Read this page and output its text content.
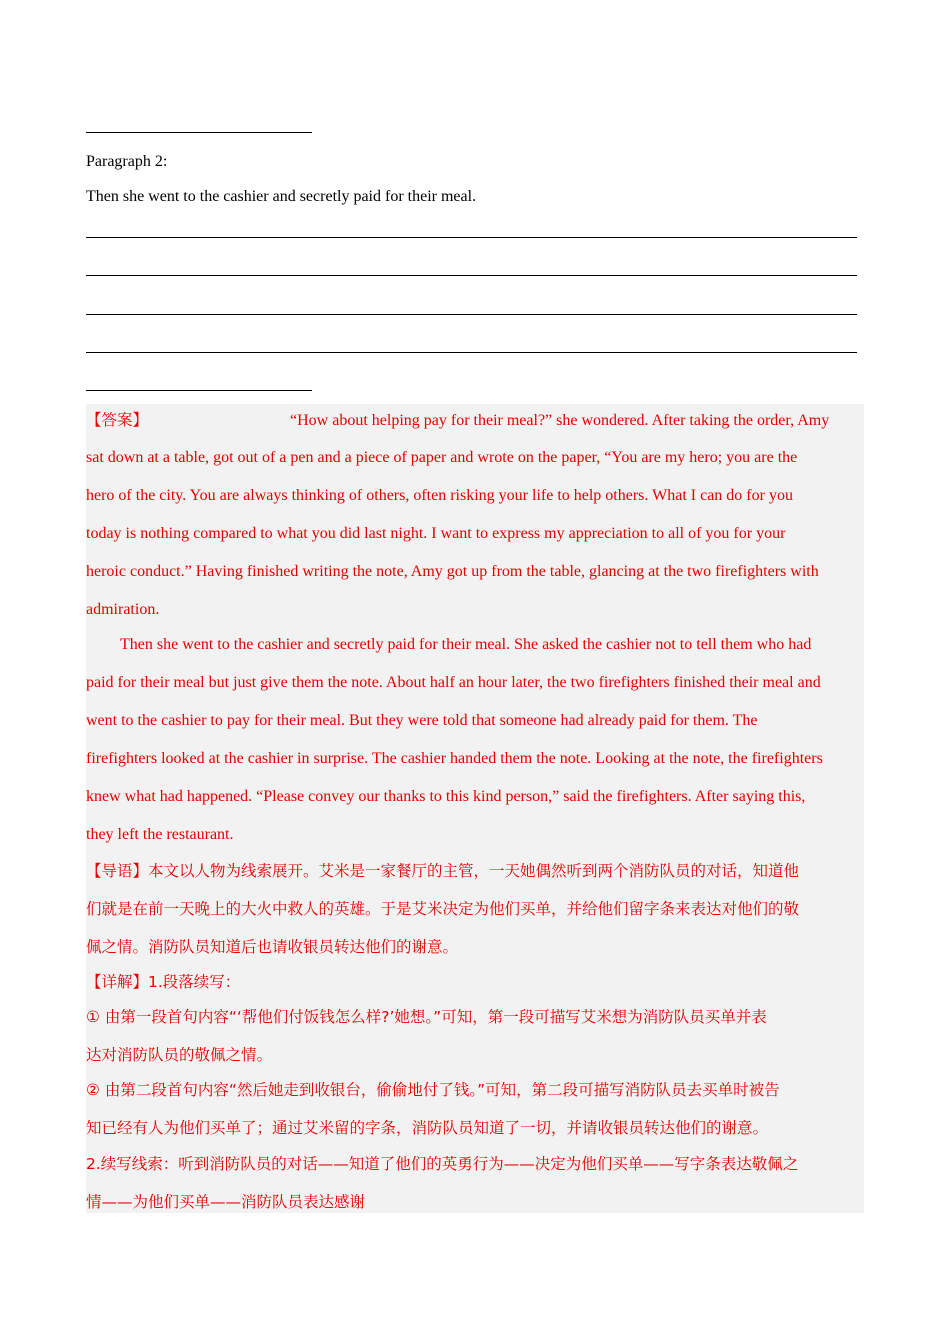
Paragraph 2:
Then she went to the cashier and secretly paid for their meal.
【答案】	“How about helping pay for their meal?” she wondered. After taking the order, Amy
sat down at a table, got out of a pen and a piece of paper and wrote on the paper, “You are my hero; you are the
hero of the city. You are always thinking of others, often risking your life to help others. What I can do for you
today is nothing compared to what you did last night. I want to express my appreciation to all of you for your
heroic conduct.” Having finished writing the note, Amy got up from the table, glancing at the two firefighters with
admiration.
Then she went to the cashier and secretly paid for their meal. She asked the cashier not to tell them who had
paid for their meal but just give them the note. About half an hour later, the two firefighters finished their meal and
went to the cashier to pay for their meal. But they were told that someone had already paid for them. The
firefighters looked at the cashier in surprise. The cashier handed them the note. Looking at the note, the firefighters
knew what had happened. “Please convey our thanks to this kind person,” said the firefighters. After saying this,
they left the restaurant.
【导语】本文以人物为线索展开。艾米是一家餐厅的主管，一天她偶然听到两个消防队员的对话，知道他
们就是在前一天晚上的大火中救人的英雄。于是艾米决定为他们买单，并给他们留字条来表达对他们的敬
佩之情。消防队员知道后也请收银员转达他们的谢意。
【详解】1.段落续写：
① 由第一段首句内容“‘帮他们付饭钱怎么样?’她想。”可知，第一段可描写艾米想为消防队员买单并表
达对消防队员的敬佩之情。
② 由第二段首句内容“然后她走到收银台，偷偷地付了钱。”可知，第二段可描写消防队员去买单时被告
知已经有人为他们买单了；通过艾米留的字条，消防队员知道了一切，并请收银员转达他们的谢意。
2.续写线索：听到消防队员的对话——知道了他们的英勇行为——决定为他们买单——写字条表达敬佩之
情——为他们买单——消防队员表达感谢
